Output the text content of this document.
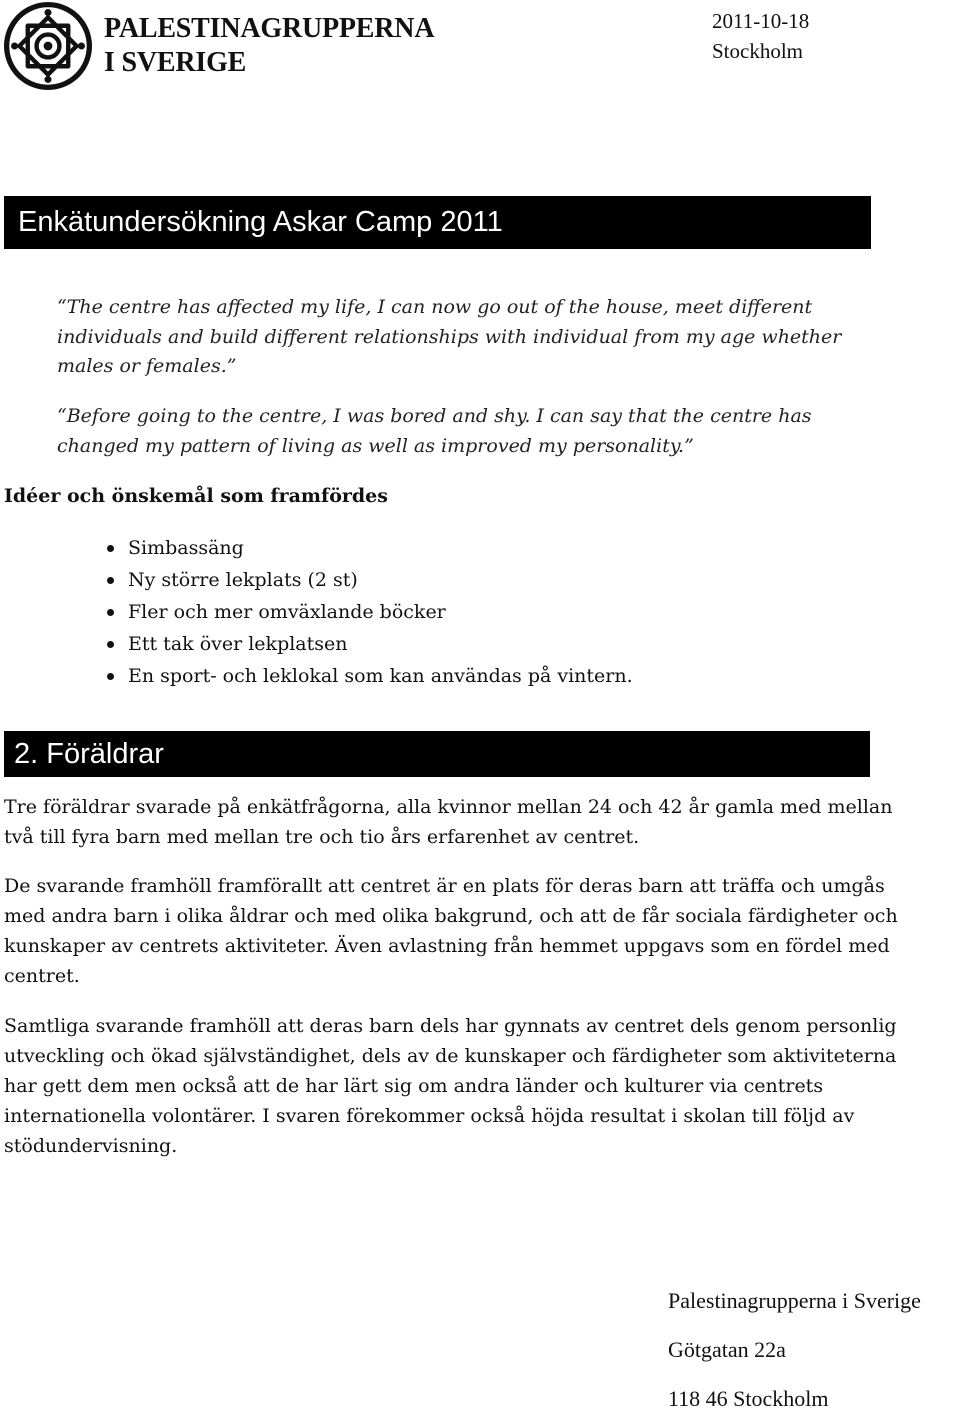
PALESTINAGRUPPERNA
I SVERIGE
2011-10-18
Stockholm
Enkätundersökning Askar Camp 2011

“The centre has affected my life, I can now go out of the house, meet different individuals and build different relationships with individual from my age whether males or females.”

“Before going to the centre, I was bored and shy. I can say that the centre has changed my pattern of living as well as improved my personality.”

Idéer och önskemål som framfördes
Simbassäng
Ny större lekplats (2 st)
Fler och mer omväxlande böcker
Ett tak över lekplatsen
En sport- och leklokal som kan användas på vintern.
2. Föräldrar

Tre föräldrar svarade på enkätfrågorna, alla kvinnor mellan 24 och 42 år gamla med mellan två till fyra barn med mellan tre och tio års erfarenhet av centret.

De svarande framhöll framförallt att centret är en plats för deras barn att träffa och umgås med andra barn i olika åldrar och med olika bakgrund, och att de får sociala färdigheter och kunskaper av centrets aktiviteter. Även avlastning från hemmet uppgavs som en fördel med centret.

Samtliga svarande framhöll att deras barn dels har gynnats av centret dels genom personlig utveckling och ökad självständighet, dels av de kunskaper och färdigheter som aktiviteterna har gett dem men också att de har lärt sig om andra länder och kulturer via centrets internationella volontärer. I svaren förekommer också höjda resultat i skolan till följd av stödundervisning.

Palestinagrupperna i Sverige
Götgatan 22a
118 46 Stockholm
